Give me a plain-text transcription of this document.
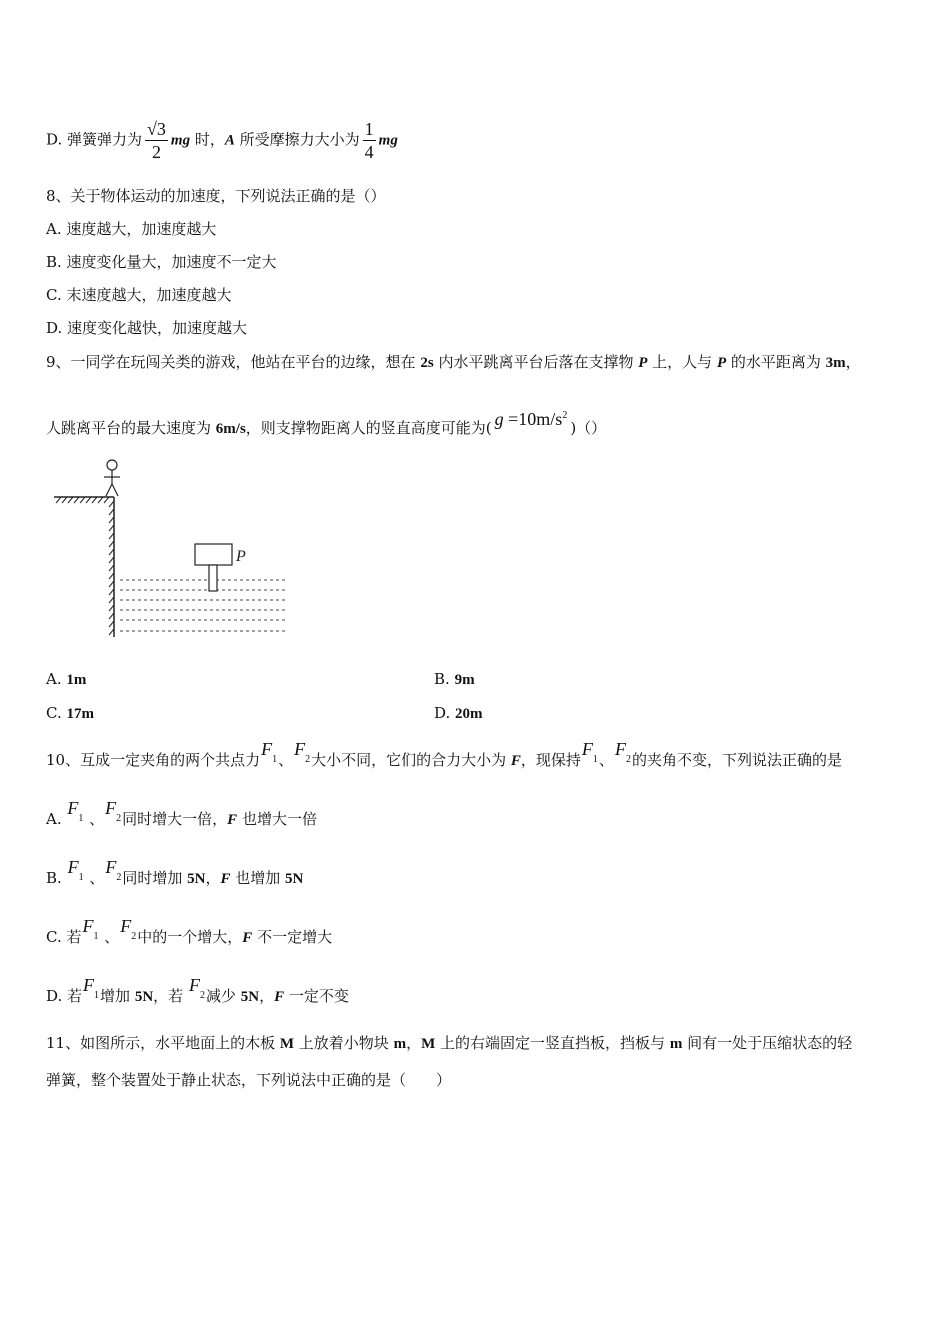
D. 弹簧弹力为 $\frac{√3}{2}$ mg 时，A 所受摩擦力大小为 $\frac{1}{4}$ mg
8、关于物体运动的加速度，下列说法正确的是（）
A. 速度越大，加速度越大
B. 速度变化量大，加速度不一定大
C. 末速度越大，加速度越大
D. 速度变化越快，加速度越大
9、一同学在玩闯关类的游戏，他站在平台的边缘，想在 2s 内水平跳离平台后落在支撑物 P 上，人与 P 的水平距离为 3m，
人跳离平台的最大速度为 6m/s，则支撑物距离人的竖直高度可能为( $g =10m/s^2)()$
P
A. 1m	B. 9m
C. 17m	D. 20m
10、互成一定夹角的两个共点力$F_1$、$F_2$大小不同，它们的合力大小为 F，现保持$F_1$、$F_2$的夹角不变，下列说法正确的是
A. $F_1$ 、$F_2$同时增大一倍，F 也增大一倍
B. $F_1$ 、$F_2$同时增加 5N，F 也增加 5N
C. 若$F_1$ 、$F_2$中的一个增大，F 不一定增大
D. 若$F_1$增加 5N，若 $F_2$减少 5N，F 一定不变
11、如图所示，水平地面上的木板 M 上放着小物块 m，M 上的右端固定一竖直挡板，挡板与 m 间有一处于压缩状态的轻
弹簧，整个装置处于静止状态，下列说法中正确的是（　　）
